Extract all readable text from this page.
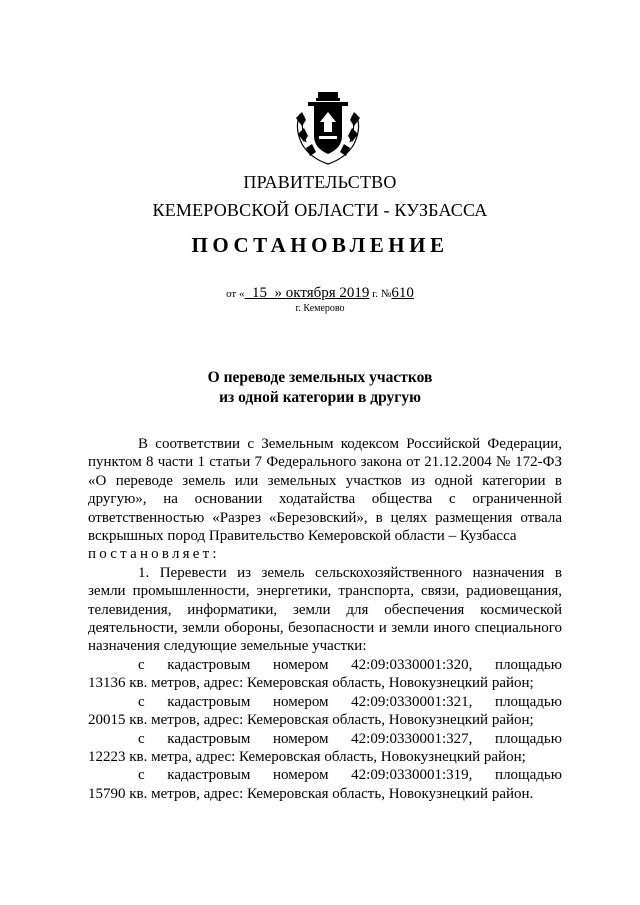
ПРАВИТЕЛЬСТВО
КЕМЕРОВСКОЙ ОБЛАСТИ - КУЗБАССА
ПОСТАНОВЛЕНИЕ
от « 15 » октября 2019 г. №610
г. Кемерово
О переводе земельных участков
из одной категории в другую

В соответствии с Земельным кодексом Российской Федерации, пунктом 8 части 1 статьи 7 Федерального закона от 21.12.2004 № 172-ФЗ «О переводе земель или земельных участков из одной категории в другую», на основании ходатайства общества с ограниченной ответственностью «Разрез «Березовский», в целях размещения отвала вскрышных пород Правительство Кемеровской области – Кузбасса

постановляет:

1. Перевести из земель сельскохозяйственного назначения в земли промышленности, энергетики, транспорта, связи, радиовещания, телевидения, информатики, земли для обеспечения космической деятельности, земли обороны, безопасности и земли иного специального назначения следующие земельные участки:

с кадастровым номером 42:09:0330001:320, площадью
13136 кв. метров, адрес: Кемеровская область, Новокузнецкий район;
с кадастровым номером 42:09:0330001:321, площадью
20015 кв. метров, адрес: Кемеровская область, Новокузнецкий район;
с кадастровым номером 42:09:0330001:327, площадью
12223 кв. метра, адрес: Кемеровская область, Новокузнецкий район;
с кадастровым номером 42:09:0330001:319, площадью
15790 кв. метров, адрес: Кемеровская область, Новокузнецкий район.
